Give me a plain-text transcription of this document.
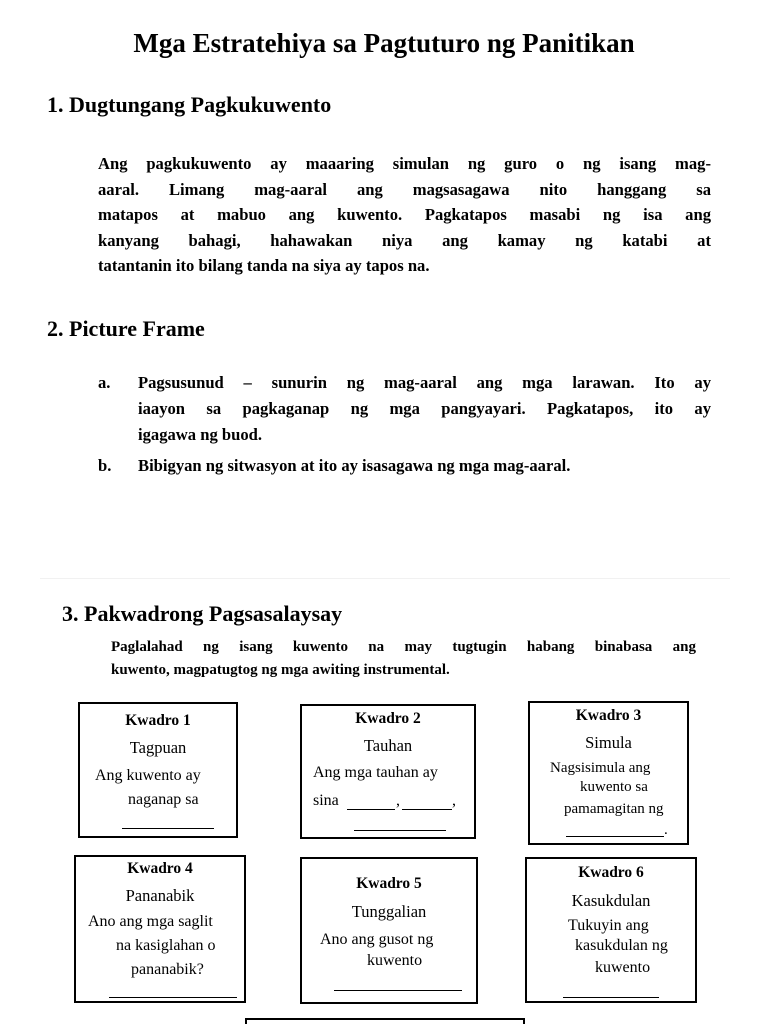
Mga Estratehiya sa Pagtuturo ng Panitikan
1. Dugtungang Pagkukuwento
Ang pagkukuwento ay maaaring simulan ng guro o ng isang mag-
aaral. Limang mag-aaral ang magsasagawa nito hanggang sa
matapos at mabuo ang kuwento. Pagkatapos masabi ng isa ang
kanyang bahagi, hahawakan niya ang kamay ng katabi at
tatantanin ito bilang tanda na siya ay tapos na.
2. Picture Frame
a.	Pagsusunud – sunurin ng mag-aaral ang mga larawan. Ito ay
iaayon sa pagkaganap ng mga pangyayari. Pagkatapos, ito ay
igagawa ng buod.
b.	Bibigyan ng sitwasyon at ito ay isasagawa ng mga mag-aaral.
3. Pakwadrong Pagsasalaysay
Paglalahad ng isang kuwento na may tugtugin habang binabasa ang
kuwento, magpatugtog ng mga awiting instrumental.
Kwadro 1
Tagpuan
Ang kuwento ay
naganap sa
Kwadro 2
Tauhan
Ang mga tauhan ay
sina	,	,
Kwadro 3
Simula
Nagsisimula ang
kuwento sa
pamamagitan ng
.
Kwadro 4
Pananabik
Ano ang mga saglit
na kasiglahan o
pananabik?
Kwadro 5
Tunggalian
Ano ang gusot ng
kuwento
Kwadro 6
Kasukdulan
Tukuyin ang
kasukdulan ng
kuwento
